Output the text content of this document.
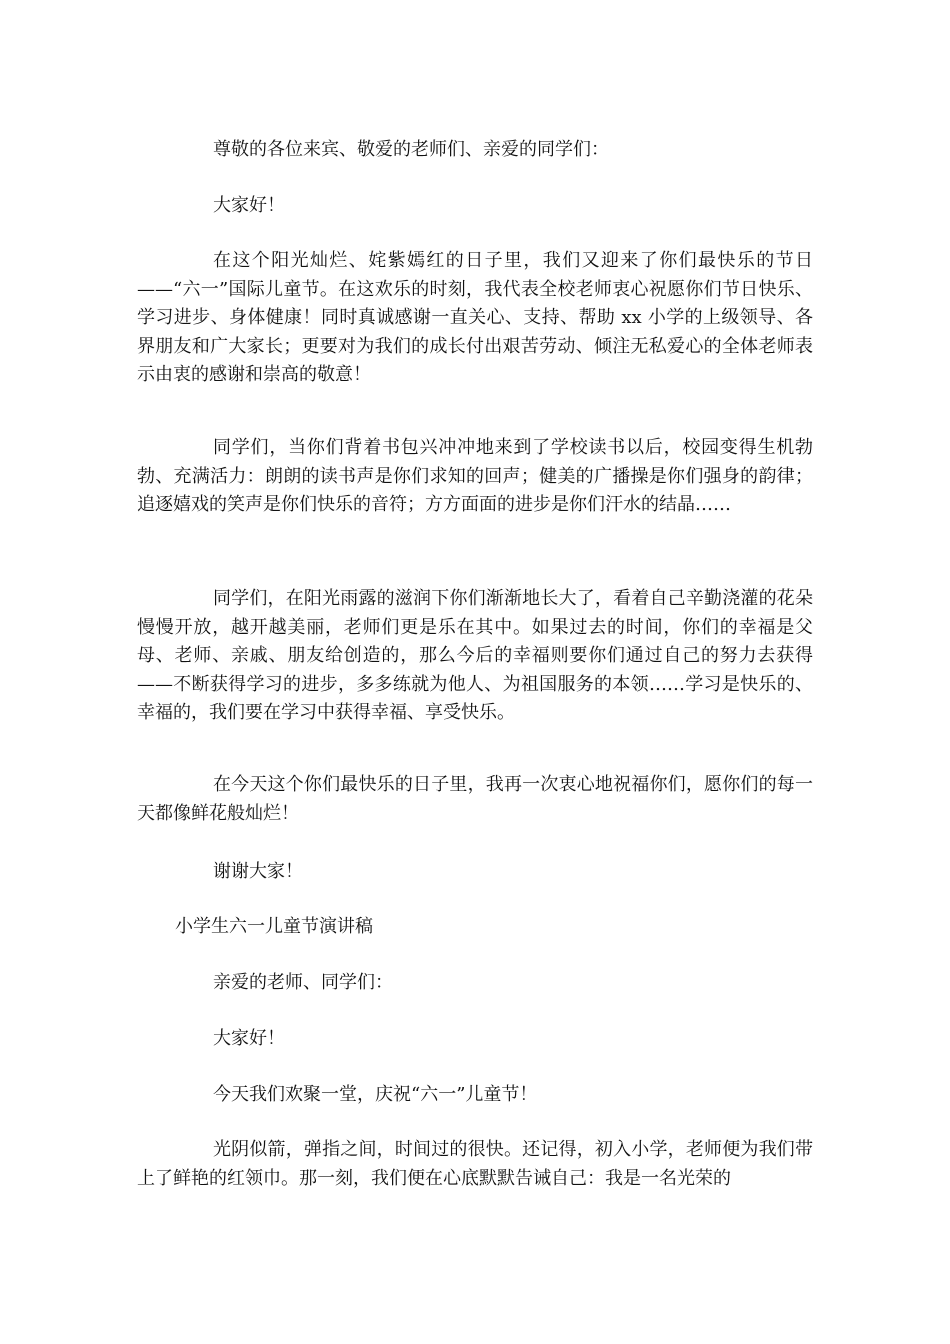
尊敬的各位来宾、敬爱的老师们、亲爱的同学们：

大家好！

在这个阳光灿烂、姹紫嫣红的日子里，我们又迎来了你们最快乐的节日——“六一”国际儿童节。在这欢乐的时刻，我代表全校老师衷心祝愿你们节日快乐、学习进步、身体健康！同时真诚感谢一直关心、支持、帮助 xx 小学的上级领导、各界朋友和广大家长；更要对为我们的成长付出艰苦劳动、倾注无私爱心的全体老师表示由衷的感谢和崇高的敬意！

同学们，当你们背着书包兴冲冲地来到了学校读书以后，校园变得生机勃勃、充满活力：朗朗的读书声是你们求知的回声；健美的广播操是你们强身的韵律；追逐嬉戏的笑声是你们快乐的音符；方方面面的进步是你们汗水的结晶……

同学们，在阳光雨露的滋润下你们渐渐地长大了，看着自己辛勤浇灌的花朵慢慢开放，越开越美丽，老师们更是乐在其中。如果过去的时间，你们的幸福是父母、老师、亲戚、朋友给创造的，那么今后的幸福则要你们通过自己的努力去获得——不断获得学习的进步，多多练就为他人、为祖国服务的本领……学习是快乐的、幸福的，我们要在学习中获得幸福、享受快乐。

在今天这个你们最快乐的日子里，我再一次衷心地祝福你们，愿你们的每一天都像鲜花般灿烂！

谢谢大家！

小学生六一儿童节演讲稿

亲爱的老师、同学们：

大家好！

今天我们欢聚一堂，庆祝“六一”儿童节！

光阴似箭，弹指之间，时间过的很快。还记得，初入小学，老师便为我们带上了鲜艳的红领巾。那一刻，我们便在心底默默告诫自己：我是一名光荣的
